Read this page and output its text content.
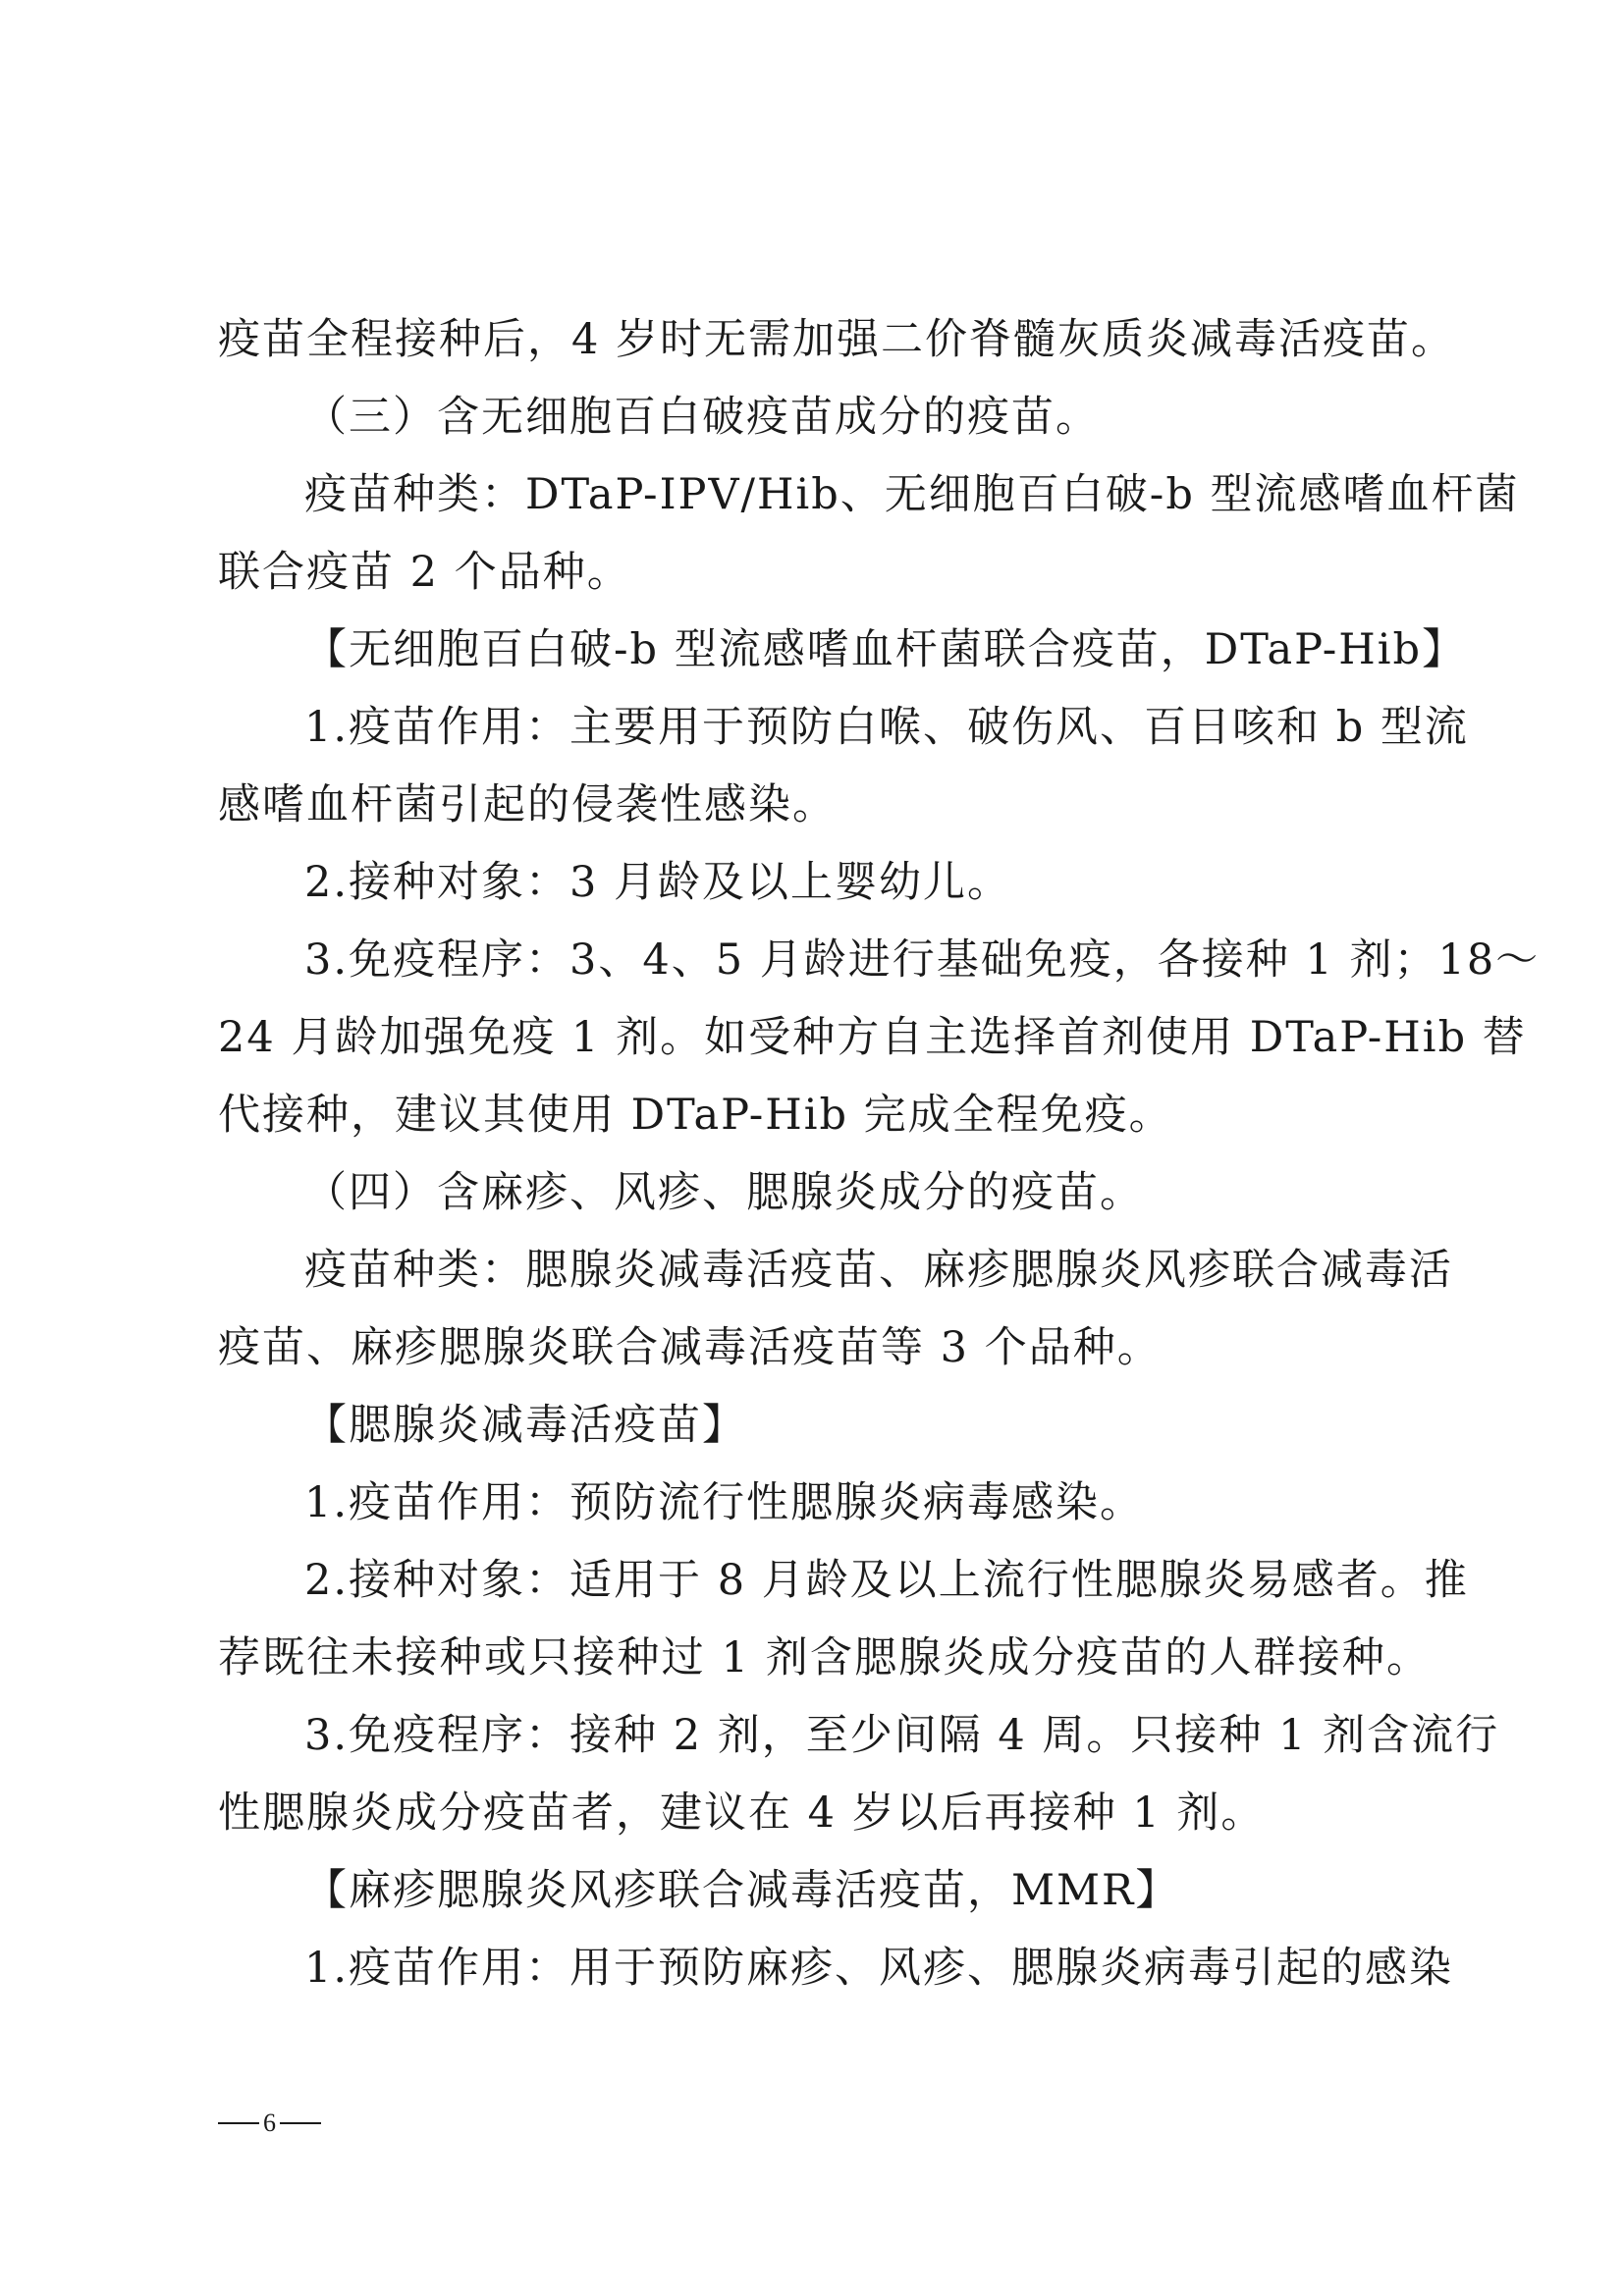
疫苗全程接种后，4 岁时无需加强二价脊髓灰质炎减毒活疫苗。
（三）含无细胞百白破疫苗成分的疫苗。
疫苗种类：DTaP-IPV/Hib、无细胞百白破-b 型流感嗜血杆菌
联合疫苗 2 个品种。
【无细胞百白破-b 型流感嗜血杆菌联合疫苗，DTaP-Hib】
1.疫苗作用：主要用于预防白喉、破伤风、百日咳和 b 型流
感嗜血杆菌引起的侵袭性感染。
2.接种对象：3 月龄及以上婴幼儿。
3.免疫程序：3、4、5 月龄进行基础免疫，各接种 1 剂；18～
24 月龄加强免疫 1 剂。如受种方自主选择首剂使用 DTaP-Hib 替
代接种，建议其使用 DTaP-Hib 完成全程免疫。
（四）含麻疹、风疹、腮腺炎成分的疫苗。
疫苗种类：腮腺炎减毒活疫苗、麻疹腮腺炎风疹联合减毒活
疫苗、麻疹腮腺炎联合减毒活疫苗等 3 个品种。
【腮腺炎减毒活疫苗】
1.疫苗作用：预防流行性腮腺炎病毒感染。
2.接种对象：适用于 8 月龄及以上流行性腮腺炎易感者。推
荐既往未接种或只接种过 1 剂含腮腺炎成分疫苗的人群接种。
3.免疫程序：接种 2 剂，至少间隔 4 周。只接种 1 剂含流行
性腮腺炎成分疫苗者，建议在 4 岁以后再接种 1 剂。
【麻疹腮腺炎风疹联合减毒活疫苗，MMR】
1.疫苗作用：用于预防麻疹、风疹、腮腺炎病毒引起的感染
6
